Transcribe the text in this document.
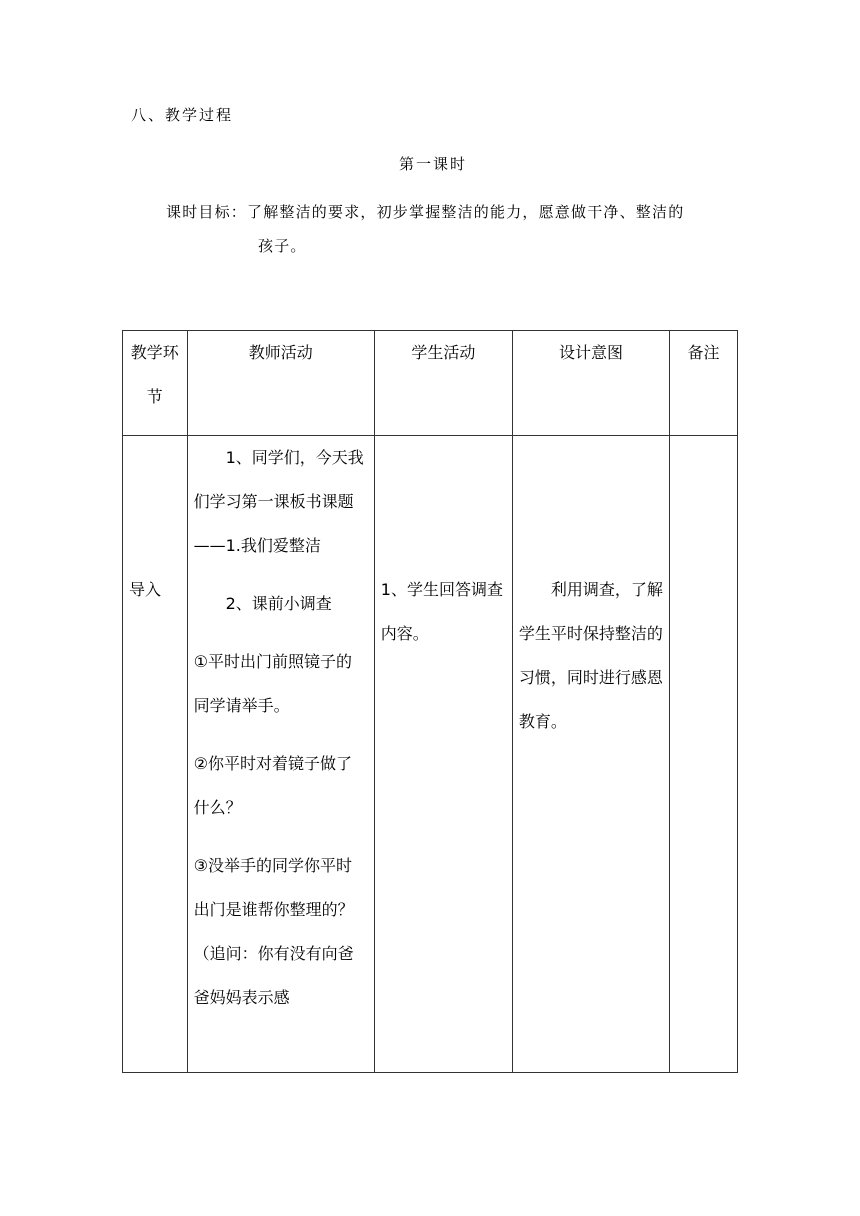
八、教学过程
第一课时
课时目标：了解整洁的要求，初步掌握整洁的能力，愿意做干净、整洁的
孩子。

教学环

节	教师活动	学生活动	设计意图	备注

导入	1、同学们，今天我们学习第一课板书课题——1.我们爱整洁

2、课前小调查

①平时出门前照镜子的同学请举手。

②你平时对着镜子做了什么？

③没举手的同学你平时出门是谁帮你整理的？（追问：你有没有向爸爸妈妈表示感	1、学生回答调查内容。	利用调查，了解学生平时保持整洁的习惯，同时进行感恩教育。	
